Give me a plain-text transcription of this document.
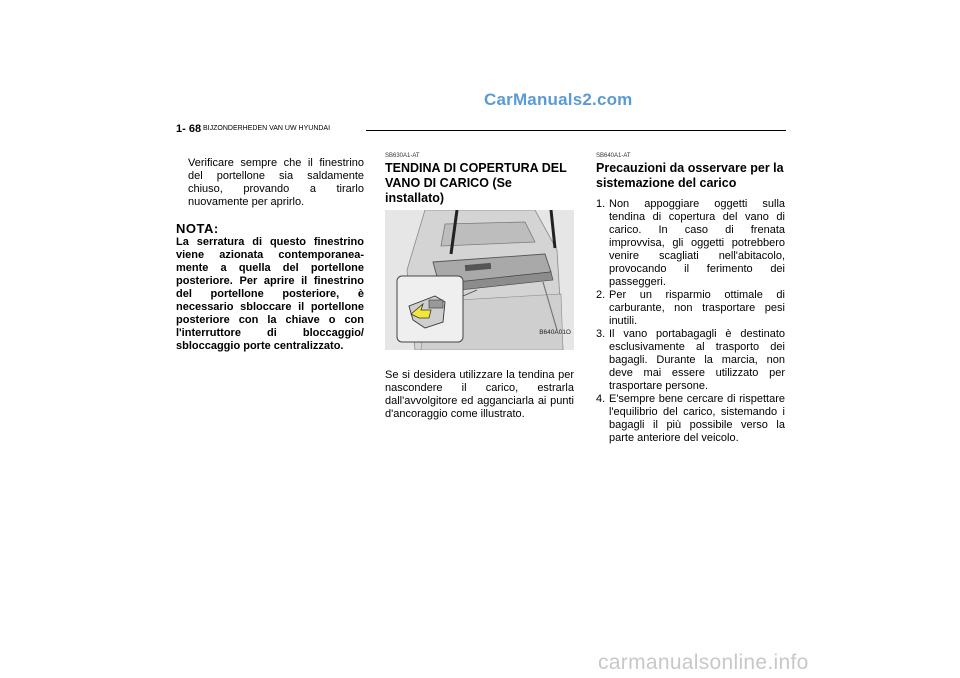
CarManuals2.com
1- 68 BIJZONDERHEDEN VAN UW HYUNDAI

Verificare sempre che il finestrino del portellone sia saldamente chiuso, provando a tirarlo nuovamente per aprirlo.

NOTA:

La serratura di questo finestrino viene azionata contemporanea-mente a quella del portellone posteriore. Per aprire il finestrino del portellone posteriore, è necessario sbloccare il portellone posteriore con la chiave o con l'interruttore di bloccaggio/ sbloccaggio porte centralizzato.

SB630A1-AT
TENDINA DI COPERTURA DEL VANO DI CARICO (Se installato)
B640A01O

Se si desidera utilizzare la tendina per nascondere il carico, estrarla dall'avvolgitore ed agganciarla ai punti d'ancoraggio come illustrato.

SB640A1-AT
Precauzioni da osservare per la sistemazione del carico
1. Non appoggiare oggetti sulla tendina di copertura del vano di carico. In caso di frenata improvvisa, gli oggetti potrebbero venire scagliati nell'abitacolo, provocando il ferimento dei passeggeri.
2. Per un risparmio ottimale di carburante, non trasportare pesi inutili.
3. Il vano portabagagli è destinato esclusivamente al trasporto dei bagagli. Durante la marcia, non deve mai essere utilizzato per trasportare persone.
4. E'sempre bene cercare di rispettare l'equilibrio del carico, sistemando i bagagli il più possibile verso la parte anteriore del veicolo.
carmanualsonline.info
